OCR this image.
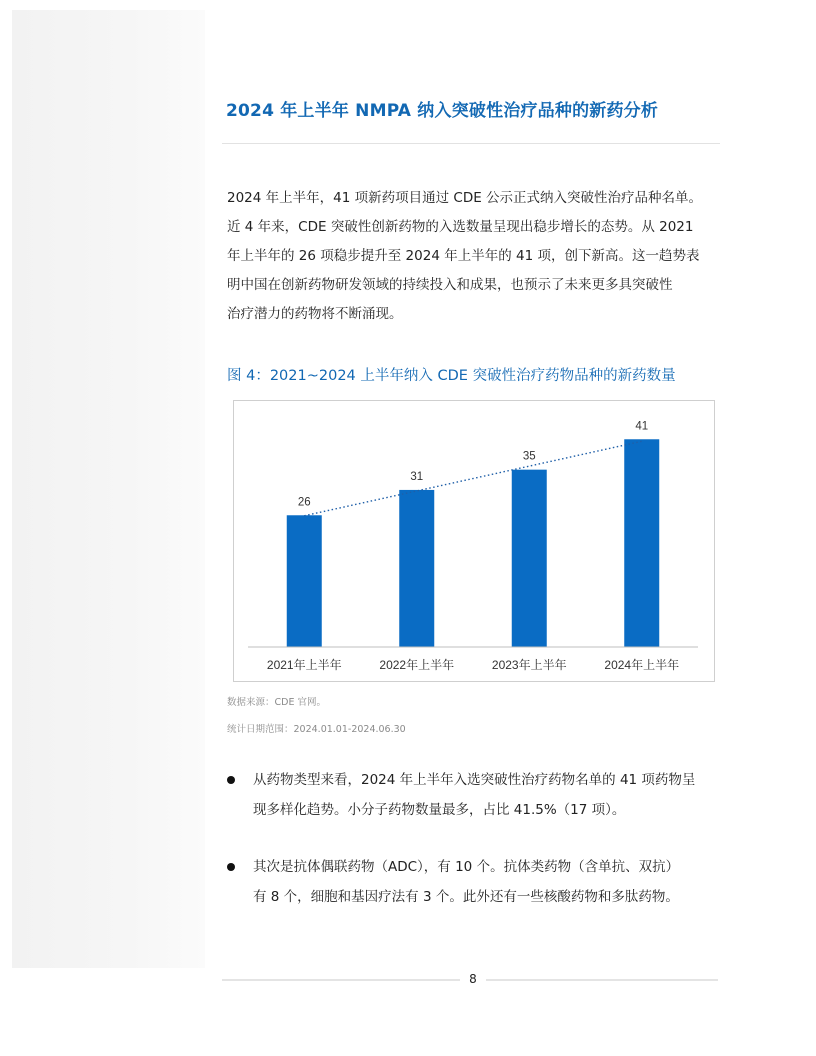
2024 年上半年 NMPA 纳入突破性治疗品种的新药分析
2024 年上半年，41 项新药项目通过 CDE 公示正式纳入突破性治疗品种名单。
近 4 年来，CDE 突破性创新药物的入选数量呈现出稳步增长的态势。从 2021
年上半年的 26 项稳步提升至 2024 年上半年的 41 项，创下新高。这一趋势表
明中国在创新药物研发领域的持续投入和成果，也预示了未来更多具突破性
治疗潜力的药物将不断涌现。
图 4：2021~2024 上半年纳入 CDE 突破性治疗药物品种的新药数量
26
2021年上半年
31
2022年上半年
35
2023年上半年
41
2024年上半年
数据来源：CDE 官网。
统计日期范围：2024.01.01-2024.06.30
从药物类型来看，2024 年上半年入选突破性治疗药物名单的 41 项药物呈
现多样化趋势。小分子药物数量最多，占比 41.5%（17 项）。
其次是抗体偶联药物（ADC），有 10 个。抗体类药物（含单抗、双抗）
有 8 个，细胞和基因疗法有 3 个。此外还有一些核酸药物和多肽药物。
8
